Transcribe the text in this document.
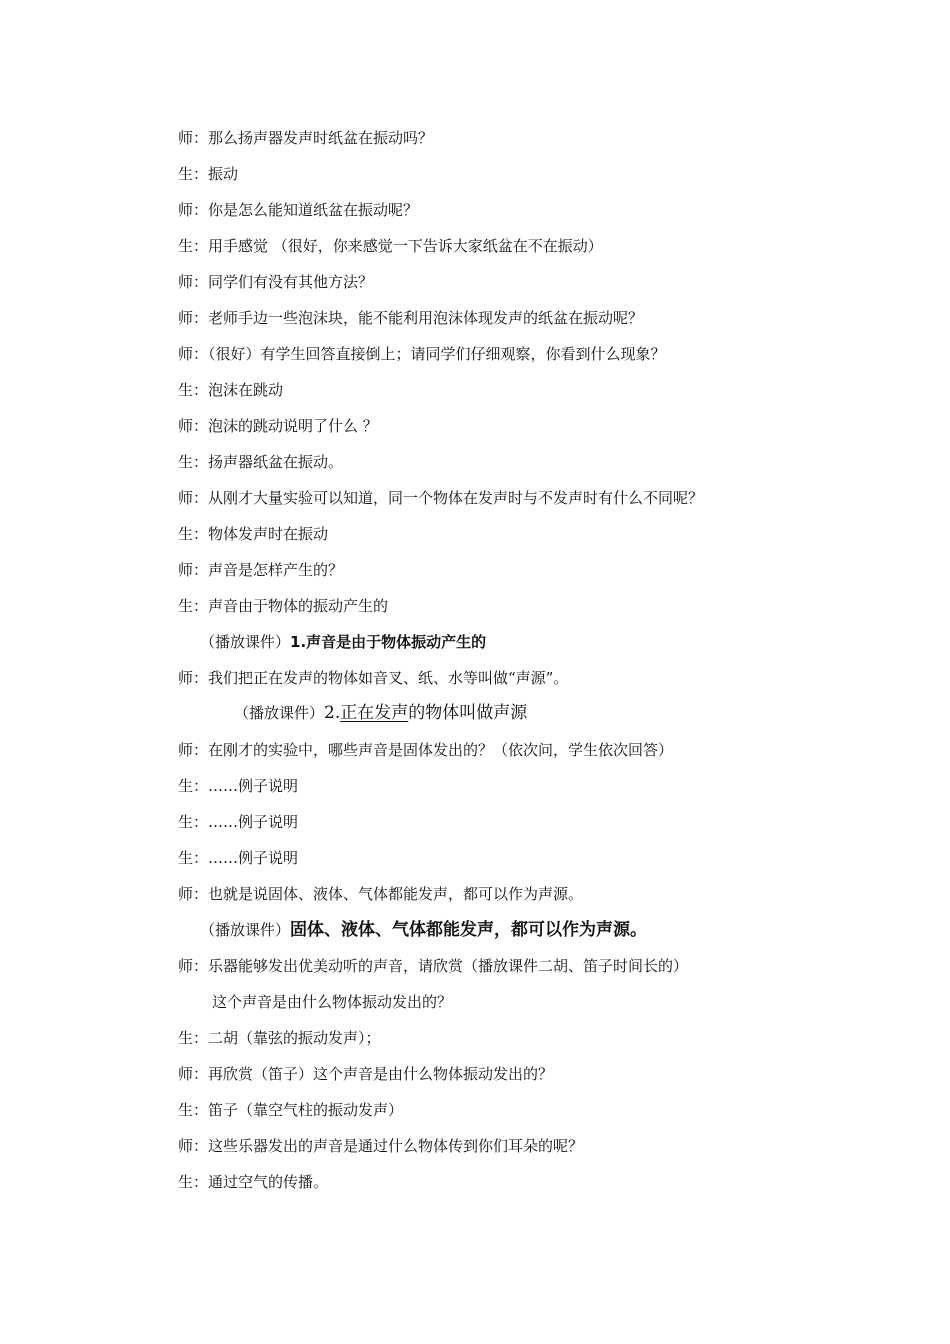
师：那么扬声器发声时纸盆在振动吗？
生：振动
师：你是怎么能知道纸盆在振动呢？
生：用手感觉 （很好，你来感觉一下告诉大家纸盆在不在振动）
师：同学们有没有其他方法？
师：老师手边一些泡沫块，能不能利用泡沫体现发声的纸盆在振动呢？
师：（很好）有学生回答直接倒上；请同学们仔细观察，你看到什么现象？
生：泡沫在跳动
师：泡沫的跳动说明了什么 ？
生：扬声器纸盆在振动。
师：从刚才大量实验可以知道，同一个物体在发声时与不发声时有什么不同呢？
生：物体发声时在振动
师：声音是怎样产生的？
生：声音由于物体的振动产生的
（播放课件）1.声音是由于物体振动产生的
师：我们把正在发声的物体如音叉、纸、水等叫做“声源”。
（播放课件）2.正在发声的物体叫做声源
师：在刚才的实验中，哪些声音是固体发出的？（依次问，学生依次回答）
生：……例子说明
生：……例子说明
生：……例子说明
师：也就是说固体、液体、气体都能发声，都可以作为声源。
（播放课件）固体、液体、气体都能发声，都可以作为声源。
师：乐器能够发出优美动听的声音，请欣赏（播放课件二胡、笛子时间长的）
这个声音是由什么物体振动发出的？
生：二胡（靠弦的振动发声）；
师：再欣赏（笛子）这个声音是由什么物体振动发出的？
生：笛子（靠空气柱的振动发声）
师：这些乐器发出的声音是通过什么物体传到你们耳朵的呢？
生：通过空气的传播。
